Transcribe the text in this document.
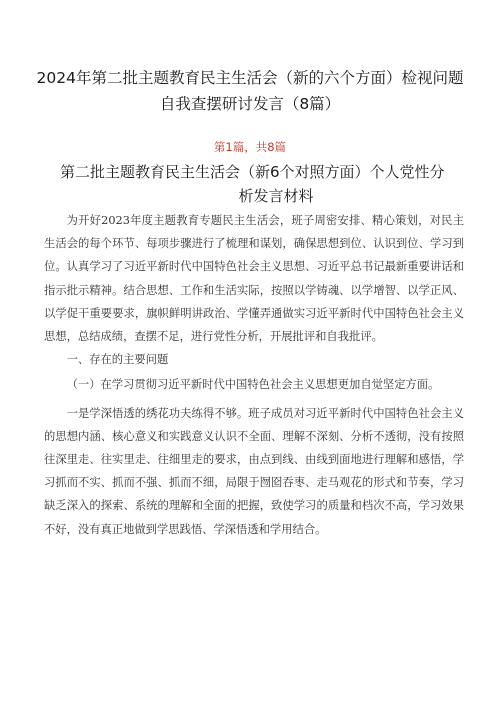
2024年第二批主题教育民主生活会（新的六个方面）检视问题
自我查摆研讨发言（8篇）
第1篇，共8篇
第二批主题教育民主生活会（新6个对照方面）个人党性分
析发言材料

为开好2023年度主题教育专题民主生活会，班子周密安排、精心策划，对民主生活会的每个环节、每项步骤进行了梳理和谋划，确保思想到位、认识到位、学习到位。认真学习了习近平新时代中国特色社会主义思想、习近平总书记最新重要讲话和指示批示精神。结合思想、工作和生活实际，按照以学铸魂、以学增智、以学正风、以学促干重要要求，旗帜鲜明讲政治、学懂弄通做实习近平新时代中国特色社会主义思想，总结成绩，查摆不足，进行党性分析，开展批评和自我批评。

一、存在的主要问题

（一）在学习贯彻习近平新时代中国特色社会主义思想更加自觉坚定方面。

一是学深悟透的绣花功夫练得不够。班子成员对习近平新时代中国特色社会主义的思想内涵、核心意义和实践意义认识不全面、理解不深刻、分析不透彻，没有按照往深里走、往实里走、往细里走的要求，由点到线、由线到面地进行理解和感悟，学习抓而不实、抓而不强、抓而不细，局限于囫囵吞枣、走马观花的形式和节奏，学习缺乏深入的探索、系统的理解和全面的把握，致使学习的质量和档次不高，学习效果不好，没有真正地做到学思践悟、学深悟透和学用结合。
